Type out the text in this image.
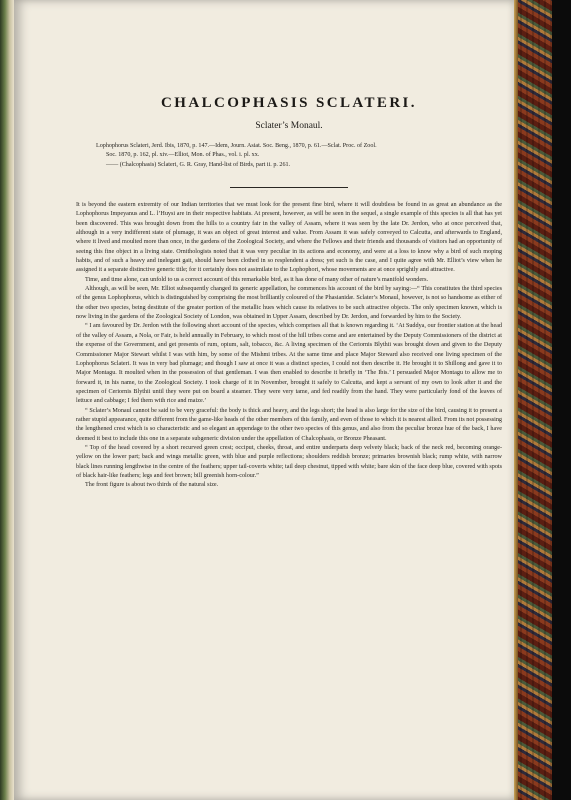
CHALCOPHASIS SCLATERI.
Sclater’s Monaul.
Lophophorus Sclateri, Jerd. Ibis, 1870, p. 147.—Idem, Journ. Asiat. Soc. Beng., 1870, p. 61.—Sclat. Proc. of Zool.
Soc. 1870, p. 162, pl. xiv.—Elliot, Mon. of Phas., vol. i. pl. xx.
—— (Chalcophasis) Sclateri, G. R. Gray, Hand-list of Birds, part ii. p. 261.

It is beyond the eastern extremity of our Indian territories that we must look for the present fine bird, where it will doubtless be found in as great an abundance as the Lophophorus Impeyanus and L. l’Huysi are in their respective habitats. At present, however, as will be seen in the sequel, a single example of this species is all that has yet been discovered. This was brought down from the hills to a country fair in the valley of Assam, where it was seen by the late Dr. Jerdon, who at once perceived that, although in a very indifferent state of plumage, it was an object of great interest and value. From Assam it was safely conveyed to Calcutta, and afterwards to England, where it lived and moulted more than once, in the gardens of the Zoological Society, and where the Fellows and their friends and thousands of visitors had an opportunity of seeing this fine object in a living state. Ornithologists noted that it was very peculiar in its actions and economy, and were at a loss to know why a bird of such moping habits, and of such a heavy and inelegant gait, should have been clothed in so resplendent a dress; yet such is the case, and I quite agree with Mr. Elliot’s view when he assigned it a separate distinctive generic title; for it certainly does not assimilate to the Lophophori, whose movements are at once sprightly and attractive.

Time, and time alone, can unfold to us a correct account of this remarkable bird, as it has done of many other of nature’s manifold wonders.

Although, as will be seen, Mr. Elliot subsequently changed its generic appellation, he commences his account of the bird by saying:—“ This constitutes the third species of the genus Lophophorus, which is distinguished by comprising the most brilliantly coloured of the Phasianidæ. Sclater’s Monaul, however, is not so handsome as either of the other two species, being destitute of the greater portion of the metallic hues which cause its relatives to be such attractive objects. The only specimen known, which is now living in the gardens of the Zoological Society of London, was obtained in Upper Assam, described by Dr. Jerdon, and forwarded by him to the Society.

“ I am favoured by Dr. Jerdon with the following short account of the species, which comprises all that is known regarding it. ‘At Suddya, our frontier station at the head of the valley of Assam, a Nola, or Fair, is held annually in February, to which most of the hill tribes come and are entertained by the Deputy Commissioners of the district at the expense of the Government, and get presents of rum, opium, salt, tobacco, &c. A living specimen of the Ceriornis Blythii was brought down and given to the Deputy Commissioner Major Stewart whilst I was with him, by some of the Mishmi tribes. At the same time and place Major Steward also received one living specimen of the Lophophorus Sclateri. It was in very bad plumage; and though I saw at once it was a distinct species, I could not then describe it. He brought it to Shillong and gave it to Major Montagu. It moulted when in the possession of that gentleman. I was then enabled to describe it briefly in ‘The Ibis.’ I persuaded Major Montagu to allow me to forward it, in his name, to the Zoological Society. I took charge of it in November, brought it safely to Calcutta, and kept a servant of my own to look after it and the specimen of Ceriornis Blythii until they were put on board a steamer. They were very tame, and fed readily from the hand. They were particularly fond of the leaves of lettuce and cabbage; I fed them with rice and maize.’

“ Sclater’s Monaul cannot be said to be very graceful: the body is thick and heavy, and the legs short; the head is also large for the size of the bird, causing it to present a rather stupid appearance, quite different from the game-like heads of the other members of this family, and even of those to which it is nearest allied. From its not possessing the lengthened crest which is so characteristic and so elegant an appendage to the other two species of this genus, and also from the peculiar bronze hue of the back, I have deemed it best to include this one in a separate subgeneric division under the appellation of Chalcophasis, or Bronze Pheasant.

“ Top of the head covered by a short recurved green crest; occiput, cheeks, throat, and entire underparts deep velvety black; back of the neck red, becoming orange-yellow on the lower part; back and wings metallic green, with blue and purple reflections; shoulders reddish bronze; primaries brownish black; rump white, with narrow black lines running lengthwise in the centre of the feathers; upper tail-coverts white; tail deep chestnut, tipped with white; bare skin of the face deep blue, covered with spots of black hair-like feathers; legs and feet brown; bill greenish horn-colour.”

The front figure is about two thirds of the natural size.
